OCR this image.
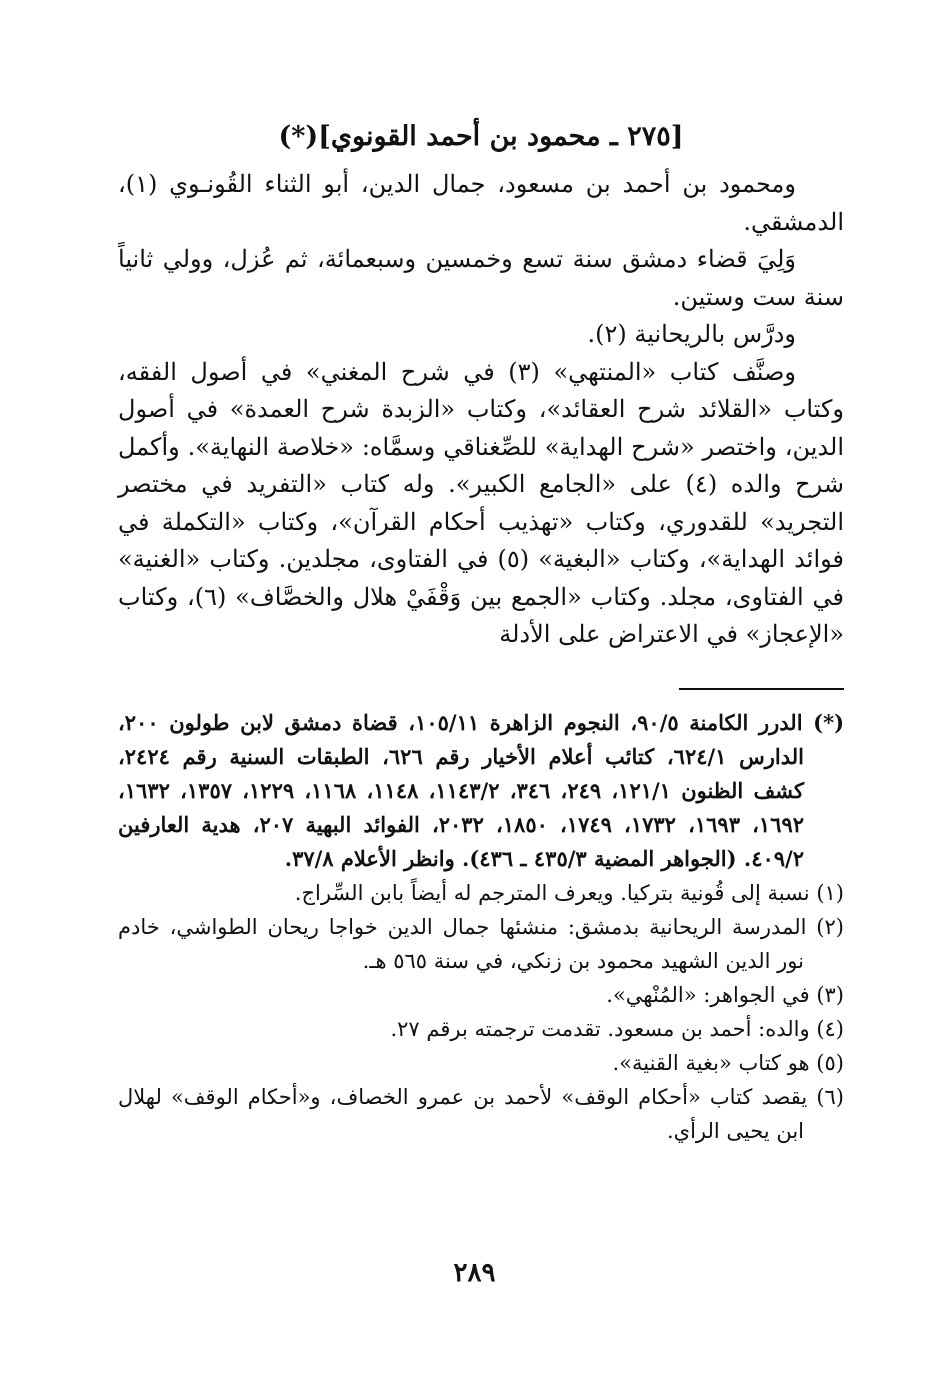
[٢٧٥ ـ محمود بن أحمد القونوي](*)

ومحمود بن أحمد بن مسعود، جمال الدين، أبو الثناء القُونـوي (١)، الدمشقي.

وَلِيَ قضاء دمشق سنة تسع وخمسين وسبعمائة، ثم عُزل، وولي ثانياً سنة ست وستين.

ودرَّس بالريحانية (٢).

وصنَّف كتاب «المنتهي» (٣) في شرح المغني» في أصول الفقه، وكتاب «القلائد شرح العقائد»، وكتاب «الزبدة شرح العمدة» في أصول الدين، واختصر «شرح الهداية» للصِّغناقي وسمَّاه: «خلاصة النهاية». وأكمل شرح والده (٤) على «الجامع الكبير». وله كتاب «التفريد في مختصر التجريد» للقدوري، وكتاب «تهذيب أحكام القرآن»، وكتاب «التكملة في فوائد الهداية»، وكتاب «البغية» (٥) في الفتاوى، مجلدين. وكتاب «الغنية» في الفتاوى، مجلد. وكتاب «الجمع بين وَقْفَيْ هلال والخصَّاف» (٦)، وكتاب «الإعجاز» في الاعتراض على الأدلة

(*) الدرر الكامنة ٩٠/٥، النجوم الزاهرة ١٠٥/١١، قضاة دمشق لابن طولون ٢٠٠، الدارس ٦٢٤/١، كتائب أعلام الأخيار رقم ٦٢٦، الطبقات السنية رقم ٢٤٢٤، كشف الظنون ١٢١/١، ٢٤٩، ٣٤٦، ١١٤٣/٢، ١١٤٨، ١١٦٨، ١٢٢٩، ١٣٥٧، ١٦٣٢، ١٦٩٢، ١٦٩٣، ١٧٣٢، ١٧٤٩، ١٨٥٠، ٢٠٣٢، الفوائد البهية ٢٠٧، هدية العارفين ٤٠٩/٢. (الجواهر المضية ٤٣٥/٣ ـ ٤٣٦). وانظر الأعلام ٣٧/٨.

(١) نسبة إلى قُونية بتركيا. ويعرف المترجم له أيضاً بابن السِّراج.

(٢) المدرسة الريحانية بدمشق: منشئها جمال الدين خواجا ريحان الطواشي، خادم نور الدين الشهيد محمود بن زنكي، في سنة ٥٦٥ هـ.

(٣) في الجواهر: «المُنْهي».

(٤) والده: أحمد بن مسعود. تقدمت ترجمته برقم ٢٧.

(٥) هو كتاب «بغية القنية».

(٦) يقصد كتاب «أحكام الوقف» لأحمد بن عمرو الخصاف، و«أحكام الوقف» لهلال ابن يحيى الرأي.

٢٨٩
